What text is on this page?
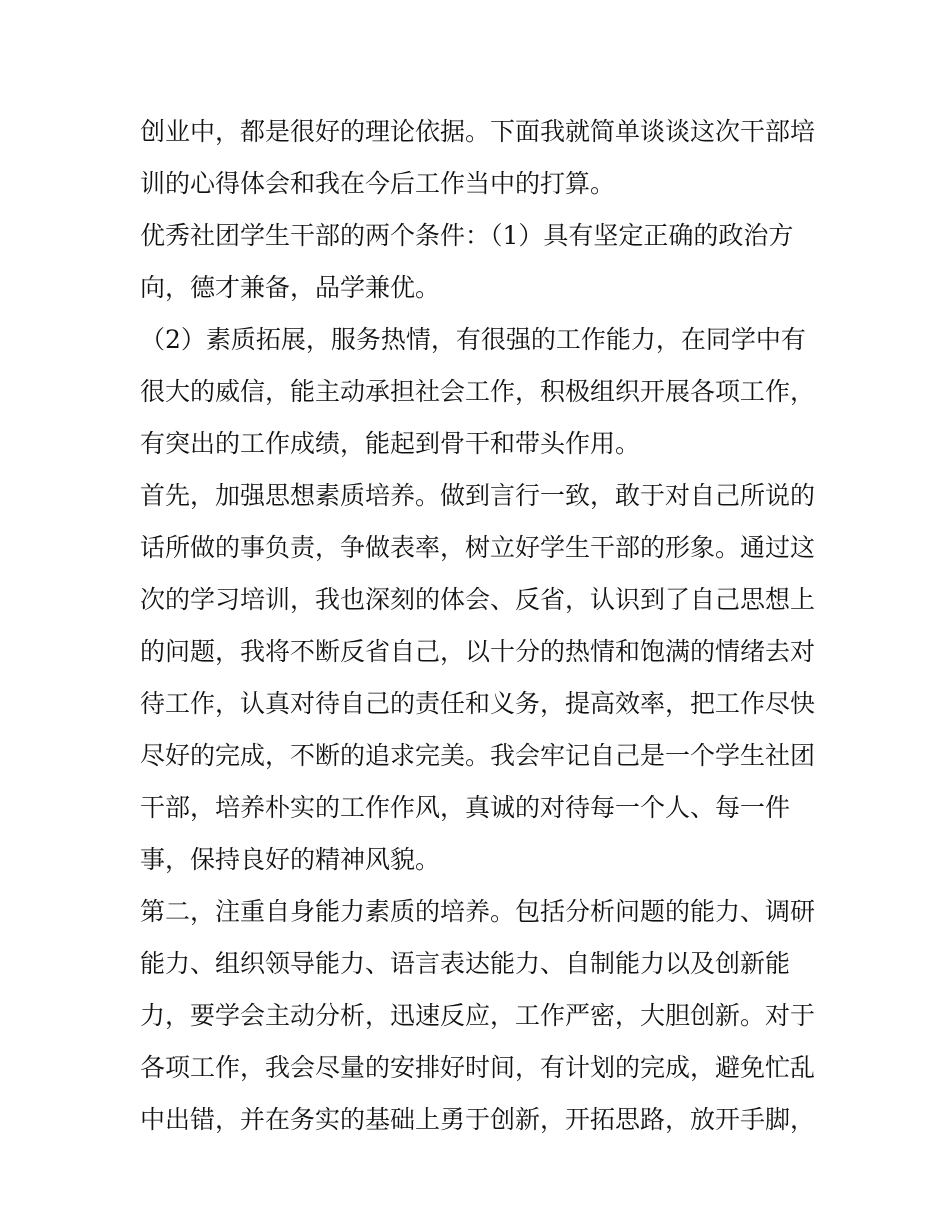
创业中，都是很好的理论依据。下面我就简单谈谈这次干部培
训的心得体会和我在今后工作当中的打算。
优秀社团学生干部的两个条件：（1）具有坚定正确的政治方
向，德才兼备，品学兼优。
（2）素质拓展，服务热情，有很强的工作能力，在同学中有
很大的威信，能主动承担社会工作，积极组织开展各项工作，
有突出的工作成绩，能起到骨干和带头作用。
首先，加强思想素质培养。做到言行一致，敢于对自己所说的
话所做的事负责，争做表率，树立好学生干部的形象。通过这
次的学习培训，我也深刻的体会、反省，认识到了自己思想上
的问题，我将不断反省自己，以十分的热情和饱满的情绪去对
待工作，认真对待自己的责任和义务，提高效率，把工作尽快
尽好的完成，不断的追求完美。我会牢记自己是一个学生社团
干部，培养朴实的工作作风，真诚的对待每一个人、每一件
事，保持良好的精神风貌。
第二，注重自身能力素质的培养。包括分析问题的能力、调研
能力、组织领导能力、语言表达能力、自制能力以及创新能
力，要学会主动分析，迅速反应，工作严密，大胆创新。对于
各项工作，我会尽量的安排好时间，有计划的完成，避免忙乱
中出错，并在务实的基础上勇于创新，开拓思路，放开手脚，
